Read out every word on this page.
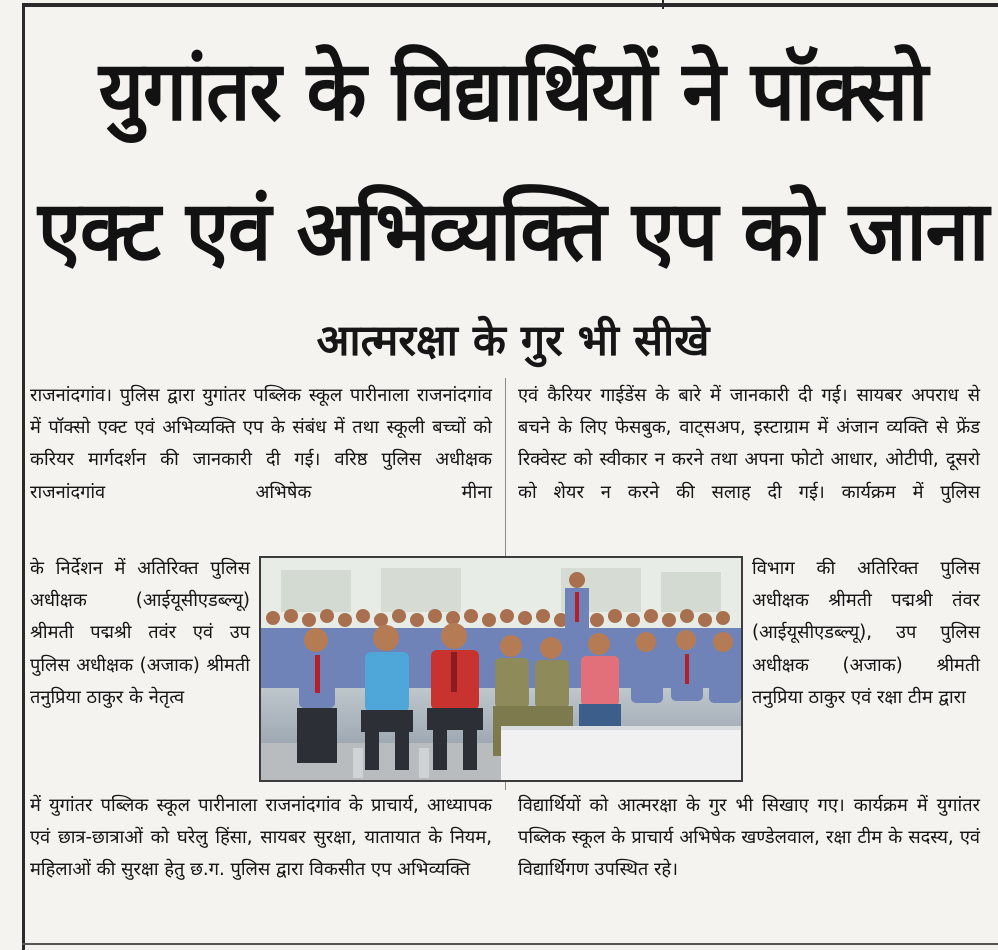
युगांतर के विद्यार्थियों ने पॉक्सो एक्ट एवं अभिव्यक्ति एप को जाना
आत्मरक्षा के गुर भी सीखे

राजनांदगांव। पुलिस द्वारा युगांतर पब्लिक स्कूल पारीनाला राजनांदगांव में पॉक्सो एक्ट एवं अभिव्यक्ति एप के संबंध में तथा स्कूली बच्चों को करियर मार्गदर्शन की जानकारी दी गई। वरिष्ठ पुलिस अधीक्षक राजनांदगांव अभिषेक मीना

एवं कैरियर गाईडेंस के बारे में जानकारी दी गई। सायबर अपराध से बचने के लिए फेसबुक, वाट्सअप, इस्टाग्राम में अंजान व्यक्ति से फ्रेंड रिक्वेस्ट को स्वीकार न करने तथा अपना फोटो आधार, ओटीपी, दूसरो को शेयर न करने की सलाह दी गई। कार्यक्रम में पुलिस

के निर्देशन में अतिरिक्त पुलिस अधीक्षक (आईयूसीएडब्ल्यू) श्रीमती पद्मश्री तवंर एवं उप पुलिस अधीक्षक (अजाक) श्रीमती तनुप्रिया ठाकुर के नेतृत्व

विभाग की अतिरिक्त पुलिस अधीक्षक श्रीमती पद्मश्री तंवर (आईयूसीएडब्ल्यू), उप पुलिस अधीक्षक (अजाक) श्रीमती तनुप्रिया ठाकुर एवं रक्षा टीम द्वारा

में युगांतर पब्लिक स्कूल पारीनाला राजनांदगांव के प्राचार्य, आध्यापक एवं छात्र-छात्राओं को घरेलु हिंसा, सायबर सुरक्षा, यातायात के नियम, महिलाओं की सुरक्षा हेतु छ.ग. पुलिस द्वारा विकसीत एप अभिव्यक्ति

विद्यार्थियों को आत्मरक्षा के गुर भी सिखाए गए। कार्यक्रम में युगांतर पब्लिक स्कूल के प्राचार्य अभिषेक खण्डेलवाल, रक्षा टीम के सदस्य, एवं विद्यार्थिगण उपस्थित रहे।
